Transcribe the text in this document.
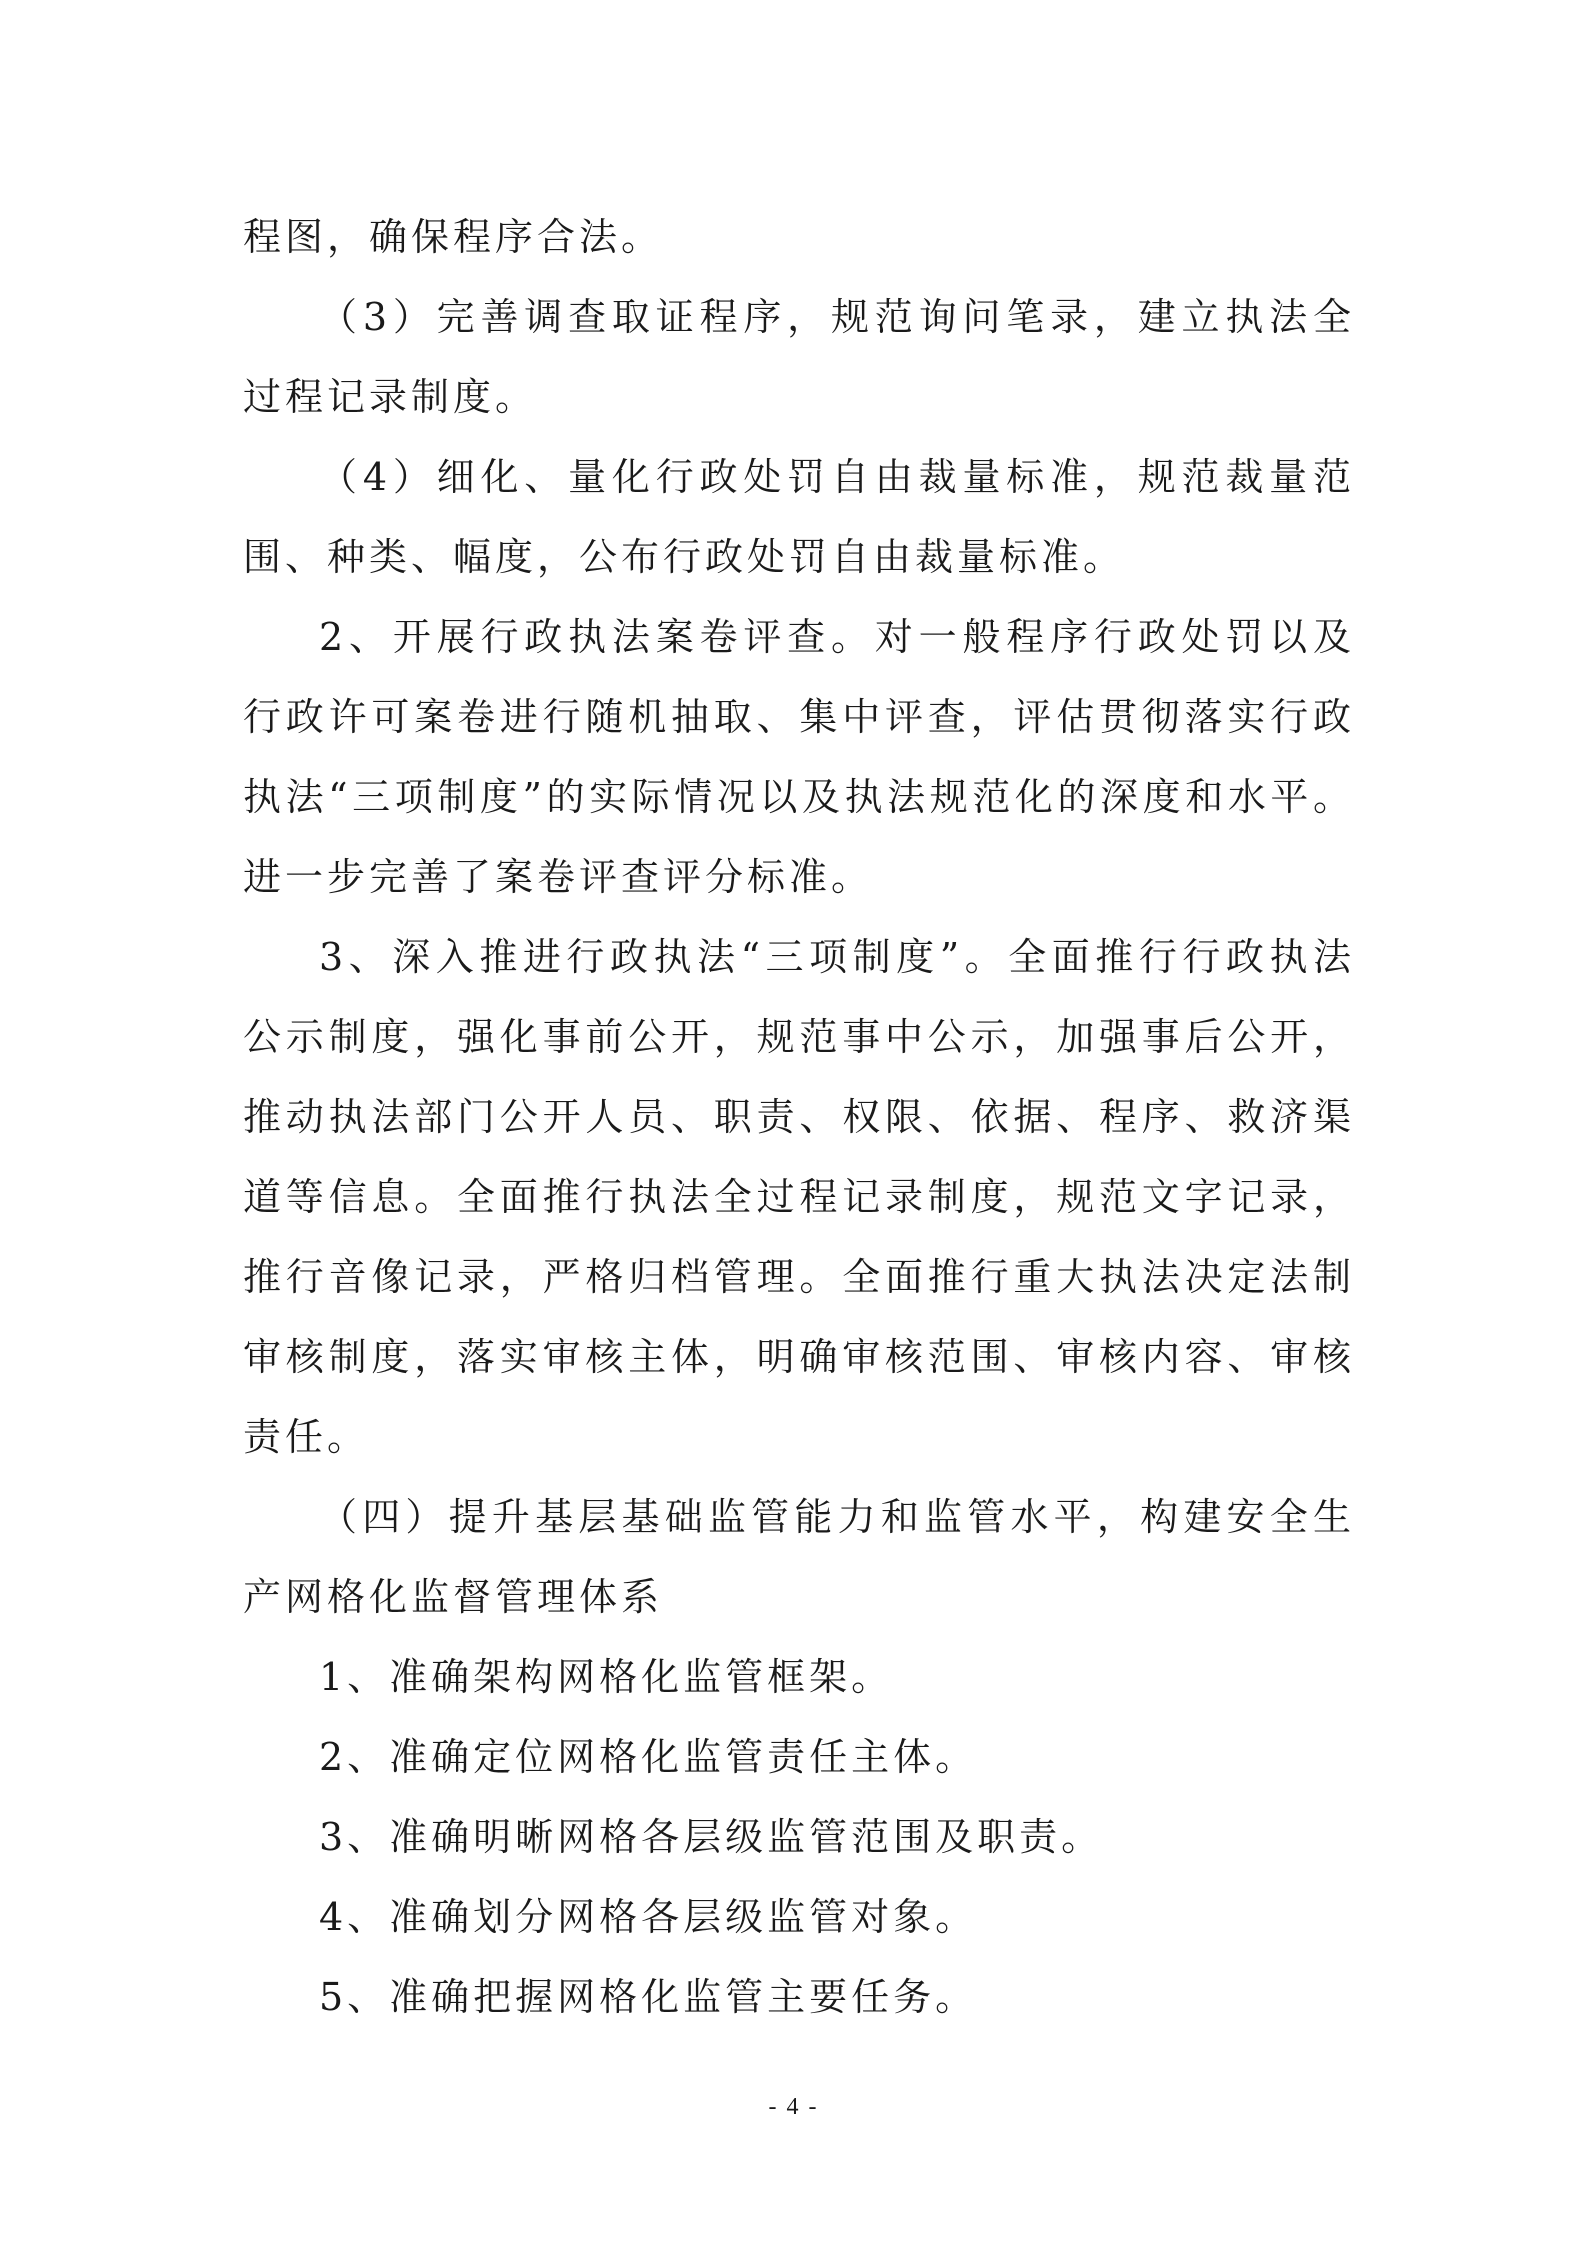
程图，确保程序合法。

（3）完善调查取证程序，规范询问笔录，建立执法全过程记录制度。

（4）细化、量化行政处罚自由裁量标准，规范裁量范围、种类、幅度，公布行政处罚自由裁量标准。

2、开展行政执法案卷评查。对一般程序行政处罚以及行政许可案卷进行随机抽取、集中评查，评估贯彻落实行政执法“三项制度”的实际情况以及执法规范化的深度和水平。进一步完善了案卷评查评分标准。

3、深入推进行政执法“三项制度”。全面推行行政执法公示制度，强化事前公开，规范事中公示，加强事后公开，推动执法部门公开人员、职责、权限、依据、程序、救济渠道等信息。全面推行执法全过程记录制度，规范文字记录，推行音像记录，严格归档管理。全面推行重大执法决定法制审核制度，落实审核主体，明确审核范围、审核内容、审核责任。

（四）提升基层基础监管能力和监管水平，构建安全生产网格化监督管理体系

1、准确架构网格化监管框架。

2、准确定位网格化监管责任主体。

3、准确明晰网格各层级监管范围及职责。

4、准确划分网格各层级监管对象。

5、准确把握网格化监管主要任务。

- 4 -
